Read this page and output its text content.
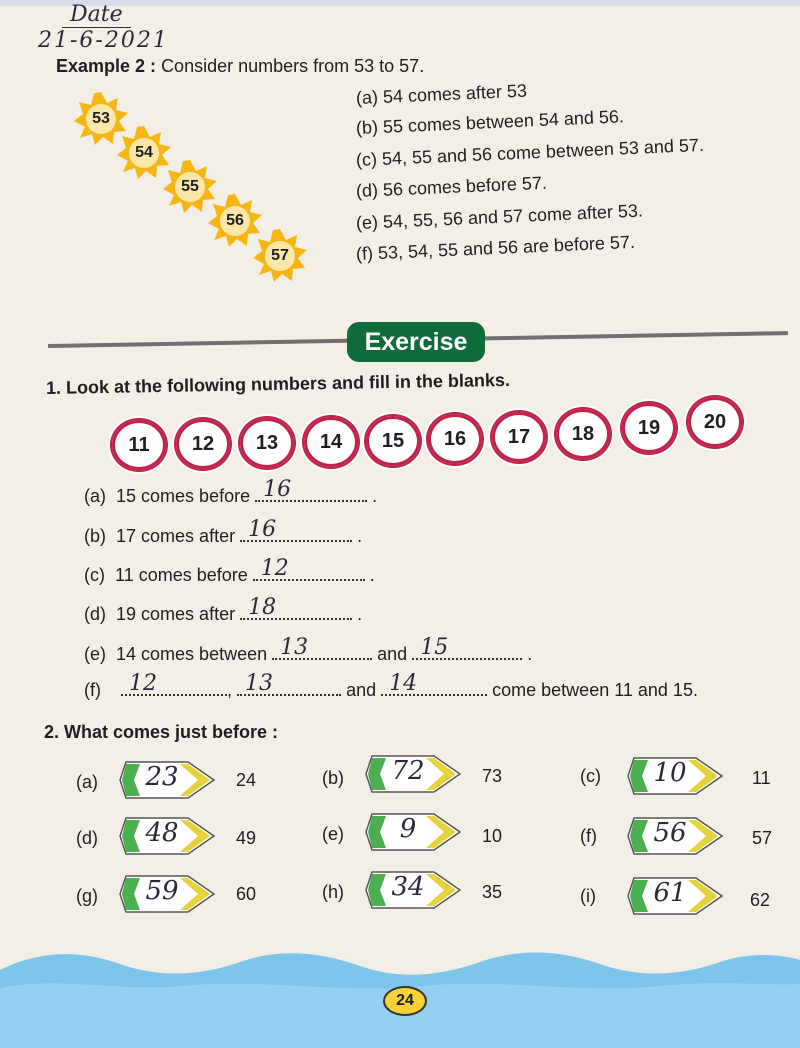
Date
21-6-2021
Example 2 : Consider numbers from 53 to 57.
53
54
55
56
57
(a) 54 comes after 53
(b) 55 comes between 54 and 56.
(c) 54, 55 and 56 come between 53 and 57.
(d) 56 comes before 57.
(e) 54, 55, 56 and 57 come after 53.
(f) 53, 54, 55 and 56 are before 57.
Exercise
1. Look at the following numbers and fill in the blanks.
11	12	13	14	15	16	17	18	19	20
(a) 15 comes before 16	.
(b) 17 comes after 16	.
(c) 11 comes before 12	.
(d) 19 comes after 18	.
(e) 14 comes between 13	and 15	.
(f) 12	, 13	and 14	come between 11 and 15.
2. What comes just before :
(a)	23	24	(b)	72	73	(c)	10	11
(d)	48	49	(e)	9	10	(f)	56	57
(g)	59	60	(h)	34	35	(i)	61	62
24
